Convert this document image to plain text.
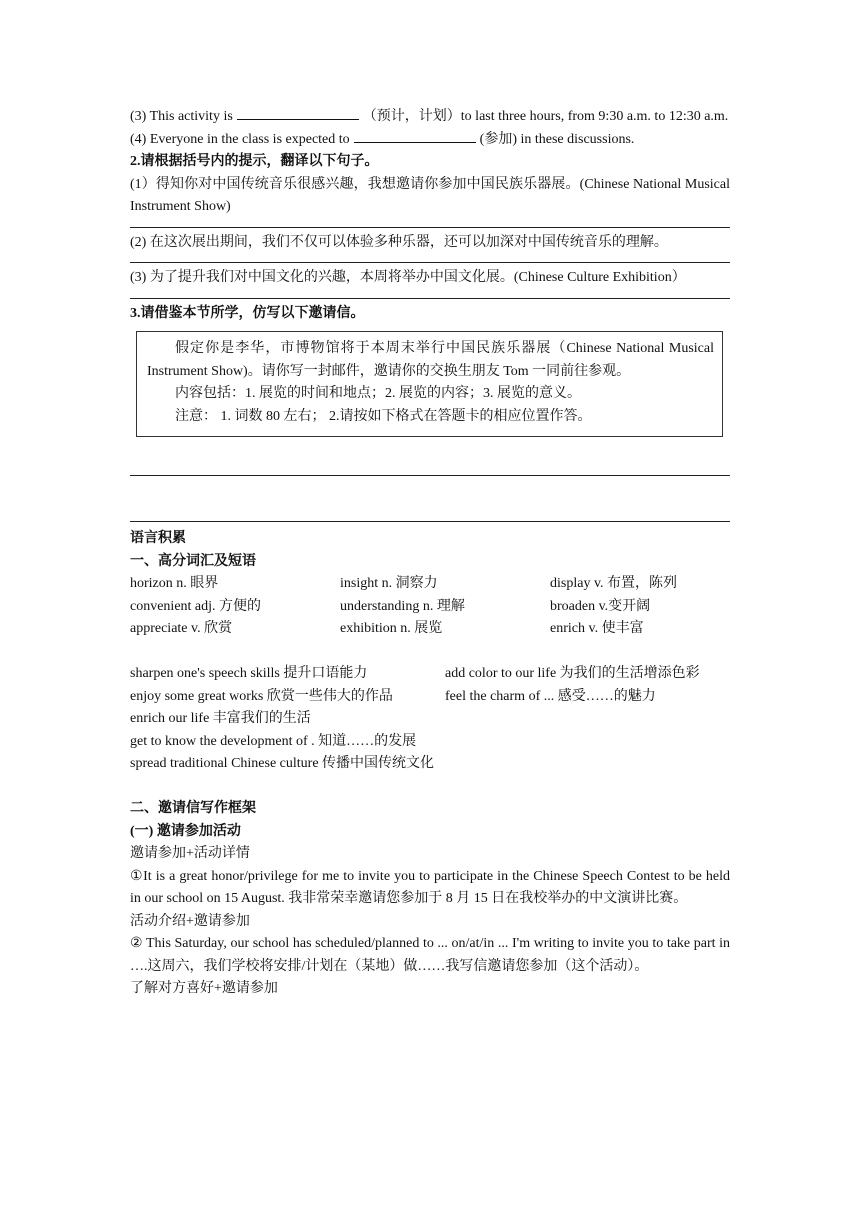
(3) This activity is	（预计，计划）to last three hours, from 9:30 a.m. to 12:30 a.m.

(4) Everyone in the class is expected to	(参加) in these discussions.

2.请根据括号内的提示，翻译以下句子。

(1）得知你对中国传统音乐很感兴趣，我想邀请你参加中国民族乐器展。(Chinese National Musical Instrument Show)

(2) 在这次展出期间，我们不仅可以体验多种乐器，还可以加深对中国传统音乐的理解。

(3) 为了提升我们对中国文化的兴趣，本周将举办中国文化展。(Chinese Culture Exhibition）

3.请借鉴本节所学，仿写以下邀请信。

假定你是李华，市博物馆将于本周末举行中国民族乐器展（Chinese National Musical Instrument Show)。请你写一封邮件，邀请你的交换生朋友 Tom 一同前往参观。

内容包括：1. 展览的时间和地点；2. 展览的内容；3. 展览的意义。

注意： 1. 词数 80 左右； 2.请按如下格式在答题卡的相应位置作答。

语言积累

一、高分词汇及短语

horizon n. 眼界	insight n. 洞察力	display v. 布置，陈列
convenient adj. 方便的	understanding n. 理解	broaden v.变开阔
appreciate v. 欣赏	exhibition n. 展览	enrich v. 使丰富
sharpen one's speech skills 提升口语能力	add color to our life 为我们的生活增添色彩
enjoy some great works 欣赏一些伟大的作品	feel the charm of ... 感受……的魅力

enrich our life 丰富我们的生活

get to know the development of . 知道……的发展

spread traditional Chinese culture 传播中国传统文化

二、邀请信写作框架

(一) 邀请参加活动

邀请参加+活动详情

①It is a great honor/privilege for me to invite you to participate in the Chinese Speech Contest to be held in our school on 15 August. 我非常荣幸邀请您参加于 8 月 15 日在我校举办的中文演讲比赛。

活动介绍+邀请参加

② This Saturday, our school has scheduled/planned to ... on/at/in ... I'm writing to invite you to take part in ….这周六，我们学校将安排/计划在（某地）做……我写信邀请您参加（这个活动）。

了解对方喜好+邀请参加
